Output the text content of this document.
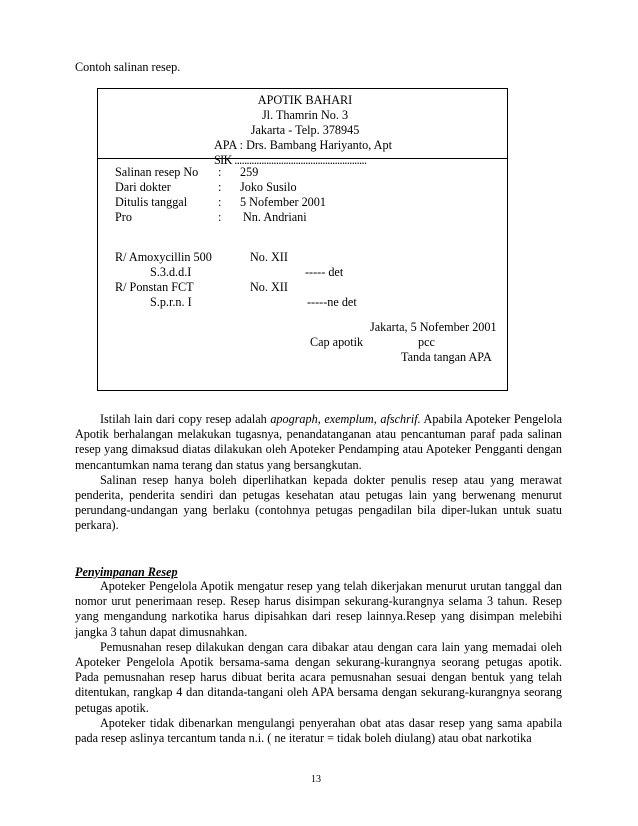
Contoh salinan resep.
APOTIK BAHARI
Jl. Thamrin No. 3
Jakarta - Telp. 378945
APA : Drs. Bambang Hariyanto, Apt
SIK ......................................................
Salinan resep No : 259
Dari dokter	: Joko Susilo
Ditulis tanggal	: 5 Nofember 2001
Pro	: Nn. Andriani
R/ Amoxycillin 500	No. XII
S.3.d.d.I	----- det
R/ Ponstan FCT	No. XII
S.p.r.n. I	-----ne det
Jakarta, 5 Nofember 2001
Cap apotik	pcc
Tanda tangan APA

Istilah lain dari copy resep adalah apograph, exemplum, afschrif. Apabila Apoteker Pengelola Apotik berhalangan melakukan tugasnya, penandatanganan atau pencantuman paraf pada salinan resep yang dimaksud diatas dilakukan oleh Apoteker Pendamping atau Apoteker Pengganti dengan mencantumkan nama terang dan status yang bersangkutan.

Salinan resep hanya boleh diperlihatkan kepada dokter penulis resep atau yang merawat penderita, penderita sendiri dan petugas kesehatan atau petugas lain yang berwenang menurut perundang-undangan yang berlaku (contohnya petugas pengadilan bila diper-lukan untuk suatu perkara).

Penyimpanan Resep

Apoteker Pengelola Apotik mengatur resep yang telah dikerjakan menurut urutan tanggal dan nomor urut penerimaan resep. Resep harus disimpan sekurang-kurangnya selama 3 tahun. Resep yang mengandung narkotika harus dipisahkan dari resep lainnya.Resep yang disimpan melebihi jangka 3 tahun dapat dimusnahkan.

Pemusnahan resep dilakukan dengan cara dibakar atau dengan cara lain yang memadai oleh Apoteker Pengelola Apotik bersama-sama dengan sekurang-kurangnya seorang petugas apotik. Pada pemusnahan resep harus dibuat berita acara pemusnahan sesuai dengan bentuk yang telah ditentukan, rangkap 4 dan ditanda-tangani oleh APA bersama dengan sekurang-kurangnya seorang petugas apotik.

Apoteker tidak dibenarkan mengulangi penyerahan obat atas dasar resep yang sama apabila pada resep aslinya tercantum tanda n.i. ( ne iteratur = tidak boleh diulang) atau obat narkotika

13
